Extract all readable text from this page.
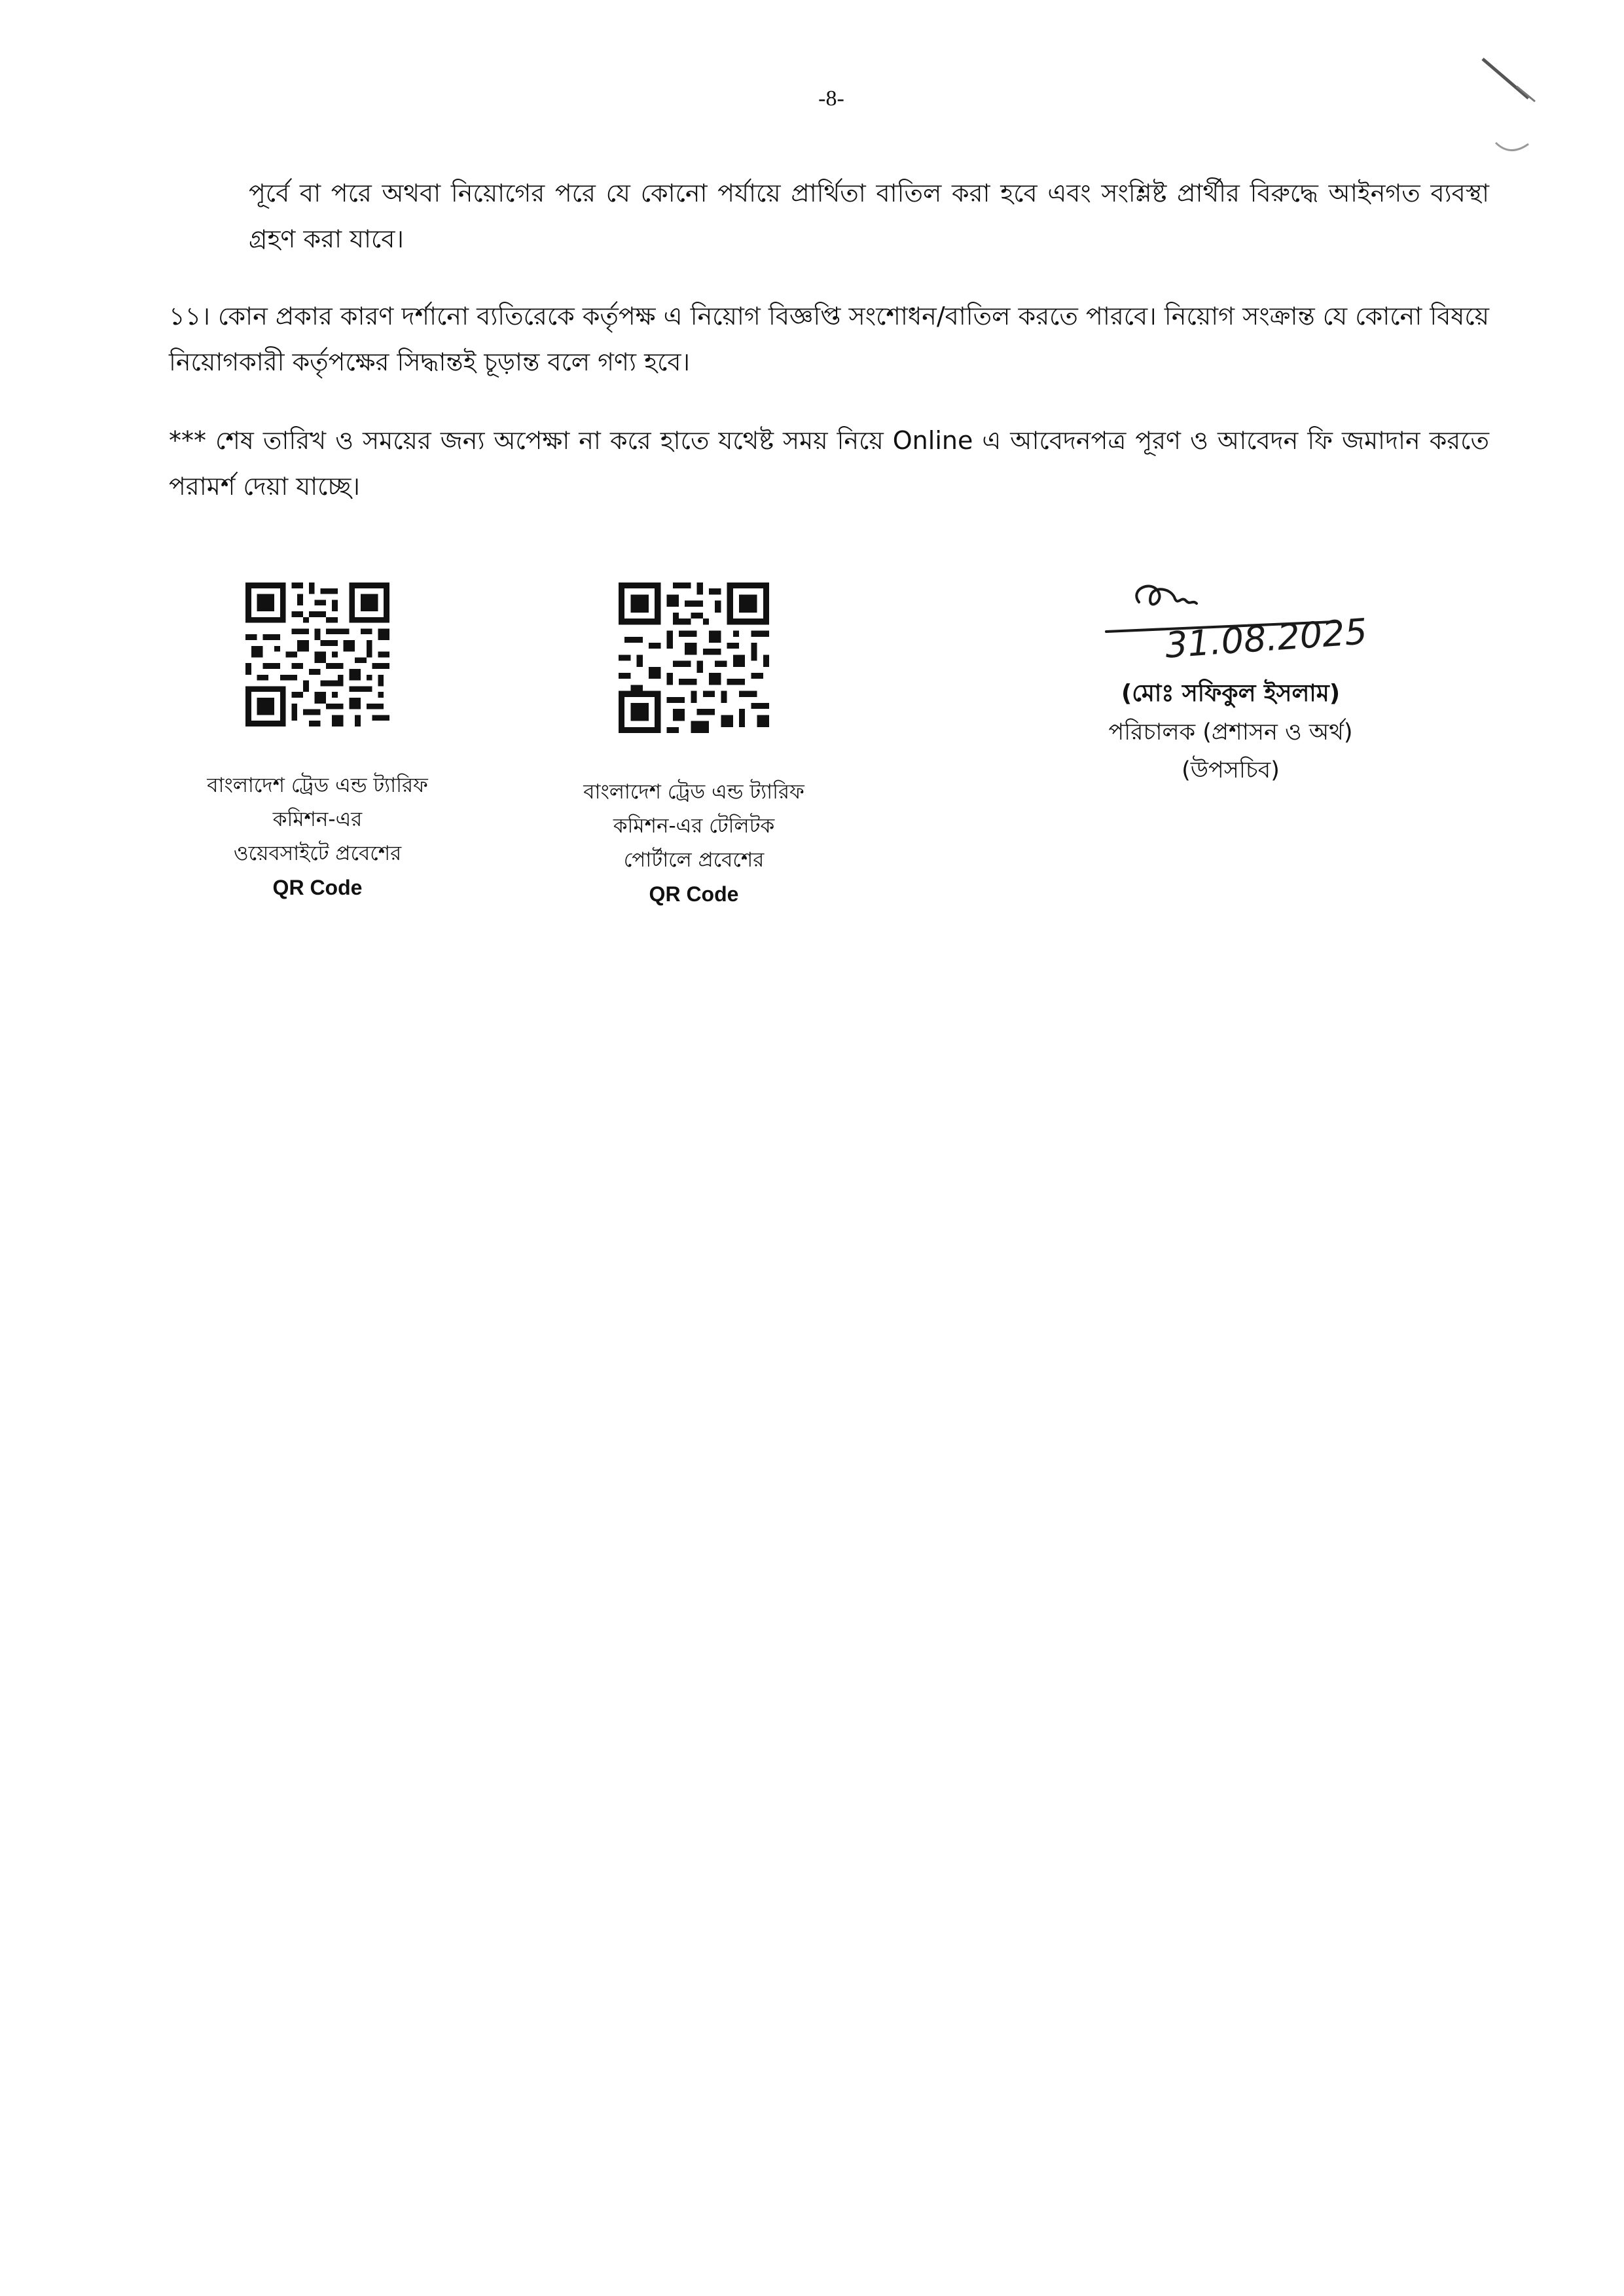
-8-

পূর্বে বা পরে অথবা নিয়োগের পরে যে কোনো পর্যায়ে প্রার্থিতা বাতিল করা হবে এবং সংশ্লিষ্ট প্রার্থীর বিরুদ্ধে আইনগত ব্যবস্থা গ্রহণ করা যাবে।

১১। কোন প্রকার কারণ দর্শানো ব্যতিরেকে কর্তৃপক্ষ এ নিয়োগ বিজ্ঞপ্তি সংশোধন/বাতিল করতে পারবে। নিয়োগ সংক্রান্ত যে কোনো বিষয়ে নিয়োগকারী কর্তৃপক্ষের সিদ্ধান্তই চূড়ান্ত বলে গণ্য হবে।

*** শেষ তারিখ ও সময়ের জন্য অপেক্ষা না করে হাতে যথেষ্ট সময় নিয়ে Online এ আবেদনপত্র পূরণ ও আবেদন ফি জমাদান করতে পরামর্শ দেয়া যাচ্ছে।

বাংলাদেশ ট্রেড এন্ড ট্যারিফ
কমিশন-এর
ওয়েবসাইটে প্রবেশের
QR Code
বাংলাদেশ ট্রেড এন্ড ট্যারিফ
কমিশন-এর টেলিটক
পোর্টালে প্রবেশের
QR Code
31.08.2025
(মোঃ সফিকুল ইসলাম)
পরিচালক (প্রশাসন ও অর্থ)
(উপসচিব)
